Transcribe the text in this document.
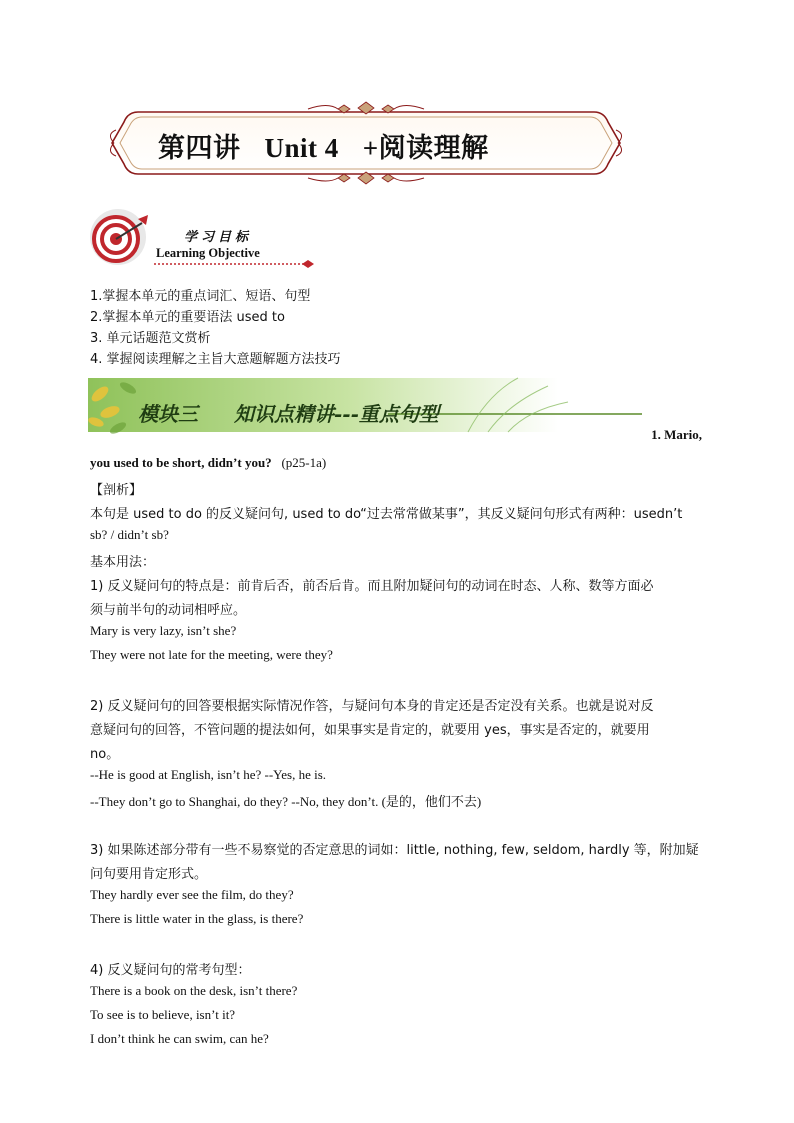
第四讲 Unit 4 +阅读理解
学习目标
Learning Objective
1.掌握本单元的重点词汇、短语、句型
2.掌握本单元的重要语法 used to
3. 单元话题范文赏析
4. 掌握阅读理解之主旨大意题解题方法技巧
模块三 知识点精讲---重点句型
1. Mario,
you used to be short, didn’t you? (p25-1a)
【剖析】
本句是 used to do 的反义疑问句, used to do“过去常常做某事”，其反义疑问句形式有两种：usedn’t
sb? / didn’t sb?
基本用法：
1) 反义疑问句的特点是：前肯后否，前否后肯。而且附加疑问句的动词在时态、人称、数等方面必
须与前半句的动词相呼应。
Mary is very lazy, isn’t she?
They were not late for the meeting, were they?
2) 反义疑问句的回答要根据实际情况作答，与疑问句本身的肯定还是否定没有关系。也就是说对反
意疑问句的回答，不管问题的提法如何，如果事实是肯定的，就要用 yes，事实是否定的，就要用
no。
--He is good at English, isn’t he? --Yes, he is.
--They don’t go to Shanghai, do they? --No, they don’t. (是的，他们不去)
3) 如果陈述部分带有一些不易察觉的否定意思的词如：little, nothing, few, seldom, hardly 等，附加疑
问句要用肯定形式。
They hardly ever see the film, do they?
There is little water in the glass, is there?
4) 反义疑问句的常考句型：
There is a book on the desk, isn’t there?
To see is to believe, isn’t it?
I don’t think he can swim, can he?
